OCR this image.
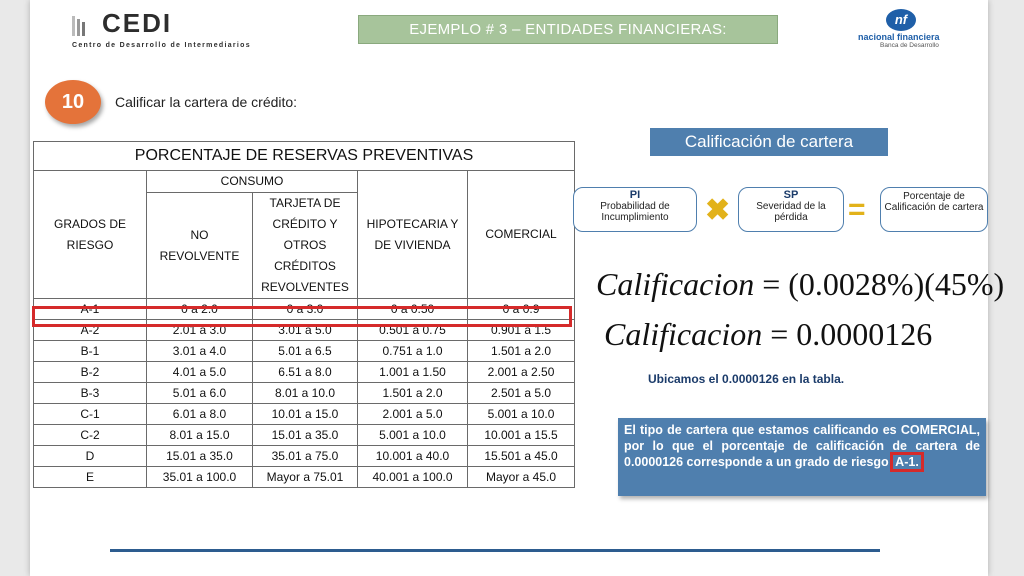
CEDI
Centro de Desarrollo de Intermediarios
EJEMPLO # 3 – ENTIDADES FINANCIERAS:
nf
nacional financiera
Banca de Desarrollo
10	Calificar la cartera de crédito:
PORCENTAJE DE RESERVAS PREVENTIVAS				
GRADOS DE RIESGO	CONSUMO		HIPOTECARIA Y DE VIVIENDA	COMERCIAL
	NO REVOLVENTE	TARJETA DE CRÉDITO Y OTROS CRÉDITOS REVOLVENTES		

A-1	0 a 2.0	0 a 3.0	0 a 0.50	0 a 0.9
A-2	2.01 a 3.0	3.01 a 5.0	0.501 a 0.75	0.901 a 1.5
B-1	3.01 a 4.0	5.01 a 6.5	0.751 a 1.0	1.501 a 2.0
B-2	4.01 a 5.0	6.51 a 8.0	1.001 a 1.50	2.001 a 2.50
B-3	5.01 a 6.0	8.01 a 10.0	1.501 a 2.0	2.501 a 5.0
C-1	6.01 a 8.0	10.01 a 15.0	2.001 a 5.0	5.001 a 10.0
C-2	8.01 a 15.0	15.01 a 35.0	5.001 a 10.0	10.001 a 15.5
D	15.01 a 35.0	35.01 a 75.0	10.001 a 40.0	15.501 a 45.0
E	35.01 a 100.0	Mayor a 75.01	40.001 a 100.0	Mayor a 45.0
Calificación de cartera
PI
Probabilidad de Incumplimiento	✖	SP
Severidad de la pérdida	=	Porcentaje de Calificación de cartera
Calificacion = (0.0028%)(45%)
Calificacion = 0.0000126
Ubicamos el 0.0000126 en la tabla.
El tipo de cartera que estamos calificando es COMERCIAL, por lo que el porcentaje de calificación de cartera de 0.0000126 corresponde a un grado de riesgo A-1.
